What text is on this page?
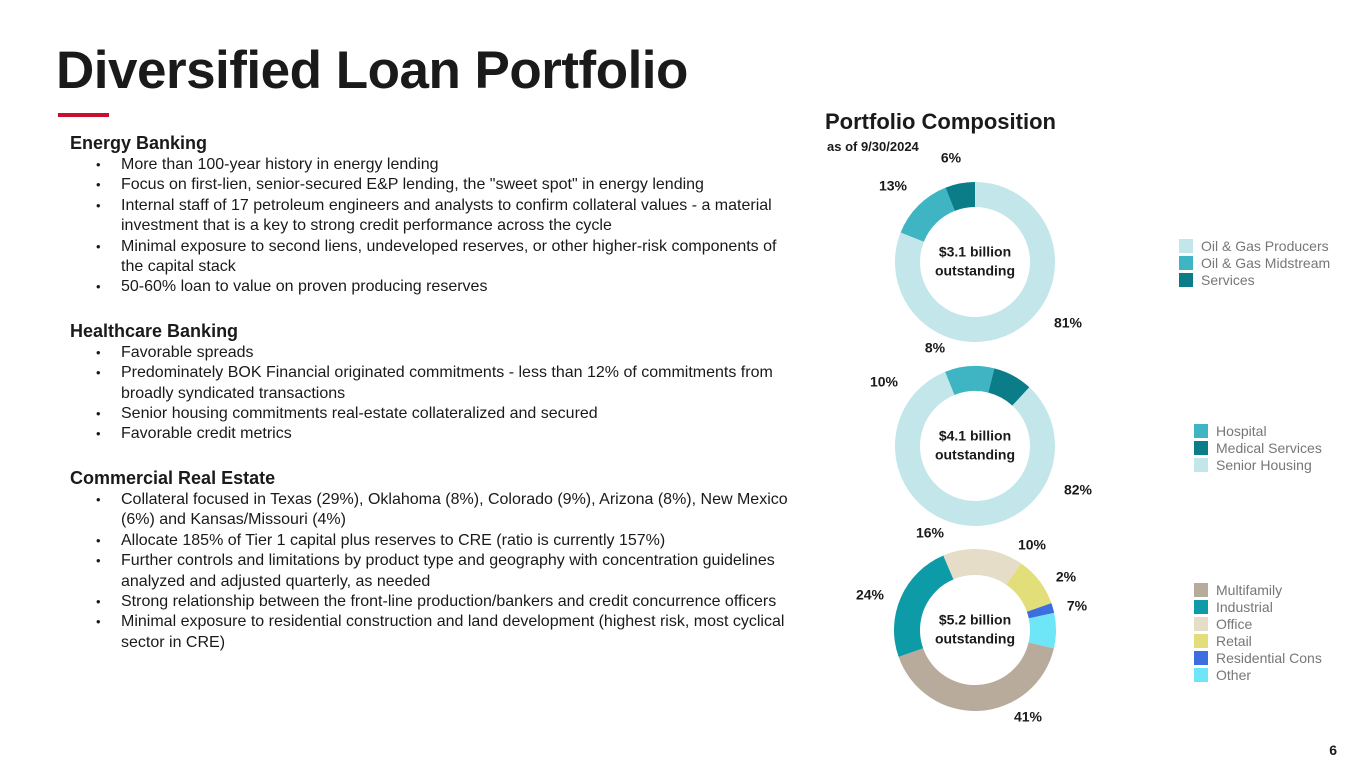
Diversified Loan Portfolio
Energy Banking
• More than 100-year history in energy lending
• Focus on first-lien, senior-secured E&P lending, the "sweet spot" in energy lending
• Internal staff of 17 petroleum engineers and analysts to confirm collateral values - a material investment that is a key to strong credit performance across the cycle
• Minimal exposure to second liens, undeveloped reserves, or other higher-risk components of the capital stack
• 50-60% loan to value on proven producing reserves
Healthcare Banking
• Favorable spreads
• Predominately BOK Financial originated commitments - less than 12% of commitments from broadly syndicated transactions
• Senior housing commitments real-estate collateralized and secured
• Favorable credit metrics
Commercial Real Estate
• Collateral focused in Texas (29%), Oklahoma (8%), Colorado (9%), Arizona (8%), New Mexico (6%) and Kansas/Missouri (4%)
• Allocate 185% of Tier 1 capital plus reserves to CRE (ratio is currently 157%)
• Further controls and limitations by product type and geography with concentration guidelines analyzed and adjusted quarterly, as needed
• Strong relationship between the front-line production/bankers and credit concurrence officers
• Minimal exposure to residential construction and land development (highest risk, most cyclical sector in CRE)
Portfolio Composition
as of 9/30/2024
81%
13%
6%
$3.1 billion
outstanding
10%
8%
82%
$4.1 billion
outstanding
41%
24%
16%
10%
2%
7%
$5.2 billion
outstanding
Oil & Gas Producers
Oil & Gas Midstream
Services
Hospital
Medical Services
Senior Housing
Multifamily
Industrial
Office
Retail
Residential Cons
Other
6
